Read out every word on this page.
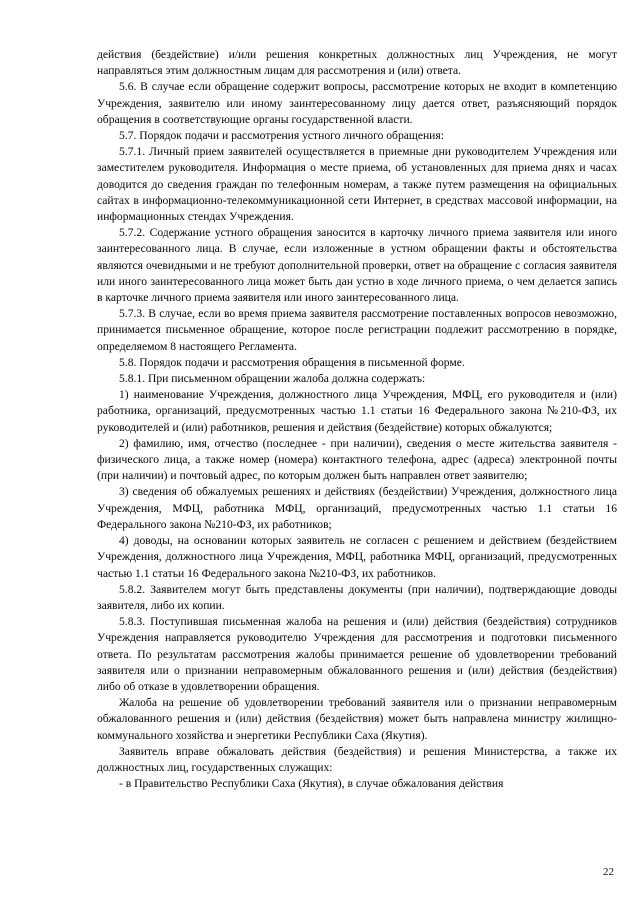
действия (бездействие) и/или решения конкретных должностных лиц Учреждения, не могут направляться этим должностным лицам для рассмотрения и (или) ответа.

5.6. В случае если обращение содержит вопросы, рассмотрение которых не входит в компетенцию Учреждения, заявителю или иному заинтересованному лицу дается ответ, разъясняющий порядок обращения в соответствующие органы государственной власти.

5.7. Порядок подачи и рассмотрения устного личного обращения:

5.7.1. Личный прием заявителей осуществляется в приемные дни руководителем Учреждения или заместителем руководителя. Информация о месте приема, об установленных для приема днях и часах доводится до сведения граждан по телефонным номерам, а также путем размещения на официальных сайтах в информационно-телекоммуникационной сети Интернет, в средствах массовой информации, на информационных стендах Учреждения.

5.7.2. Содержание устного обращения заносится в карточку личного приема заявителя или иного заинтересованного лица. В случае, если изложенные в устном обращении факты и обстоятельства являются очевидными и не требуют дополнительной проверки, ответ на обращение с согласия заявителя или иного заинтересованного лица может быть дан устно в ходе личного приема, о чем делается запись в карточке личного приема заявителя или иного заинтересованного лица.

5.7.3. В случае, если во время приема заявителя рассмотрение поставленных вопросов невозможно, принимается письменное обращение, которое после регистрации подлежит рассмотрению в порядке, определяемом 8 настоящего Регламента.

5.8. Порядок подачи и рассмотрения обращения в письменной форме.

5.8.1. При письменном обращении жалоба должна содержать:

1) наименование Учреждения, должностного лица Учреждения, МФЦ, его руководителя и (или) работника, организаций, предусмотренных частью 1.1 статьи 16 Федерального закона №210-ФЗ, их руководителей и (или) работников, решения и действия (бездействие) которых обжалуются;

2) фамилию, имя, отчество (последнее - при наличии), сведения о месте жительства заявителя - физического лица, а также номер (номера) контактного телефона, адрес (адреса) электронной почты (при наличии) и почтовый адрес, по которым должен быть направлен ответ заявителю;

3) сведения об обжалуемых решениях и действиях (бездействии) Учреждения, должностного лица Учреждения, МФЦ, работника МФЦ, организаций, предусмотренных частью 1.1 статьи 16 Федерального закона №210-ФЗ, их работников;

4) доводы, на основании которых заявитель не согласен с решением и действием (бездействием Учреждения, должностного лица Учреждения, МФЦ, работника МФЦ, организаций, предусмотренных частью 1.1 статьи 16 Федерального закона №210-ФЗ, их работников.

5.8.2. Заявителем могут быть представлены документы (при наличии), подтверждающие доводы заявителя, либо их копии.

5.8.3. Поступившая письменная жалоба на решения и (или) действия (бездействия) сотрудников Учреждения направляется руководителю Учреждения для рассмотрения и подготовки письменного ответа. По результатам рассмотрения жалобы принимается решение об удовлетворении требований заявителя или о признании неправомерным обжалованного решения и (или) действия (бездействия) либо об отказе в удовлетворении обращения.

Жалоба на решение об удовлетворении требований заявителя или о признании неправомерным обжалованного решения и (или) действия (бездействия) может быть направлена министру жилищно-коммунального хозяйства и энергетики Республики Саха (Якутия).

Заявитель вправе обжаловать действия (бездействия) и решения Министерства, а также их должностных лиц, государственных служащих:

- в Правительство Республики Саха (Якутия), в случае обжалования действия

22
